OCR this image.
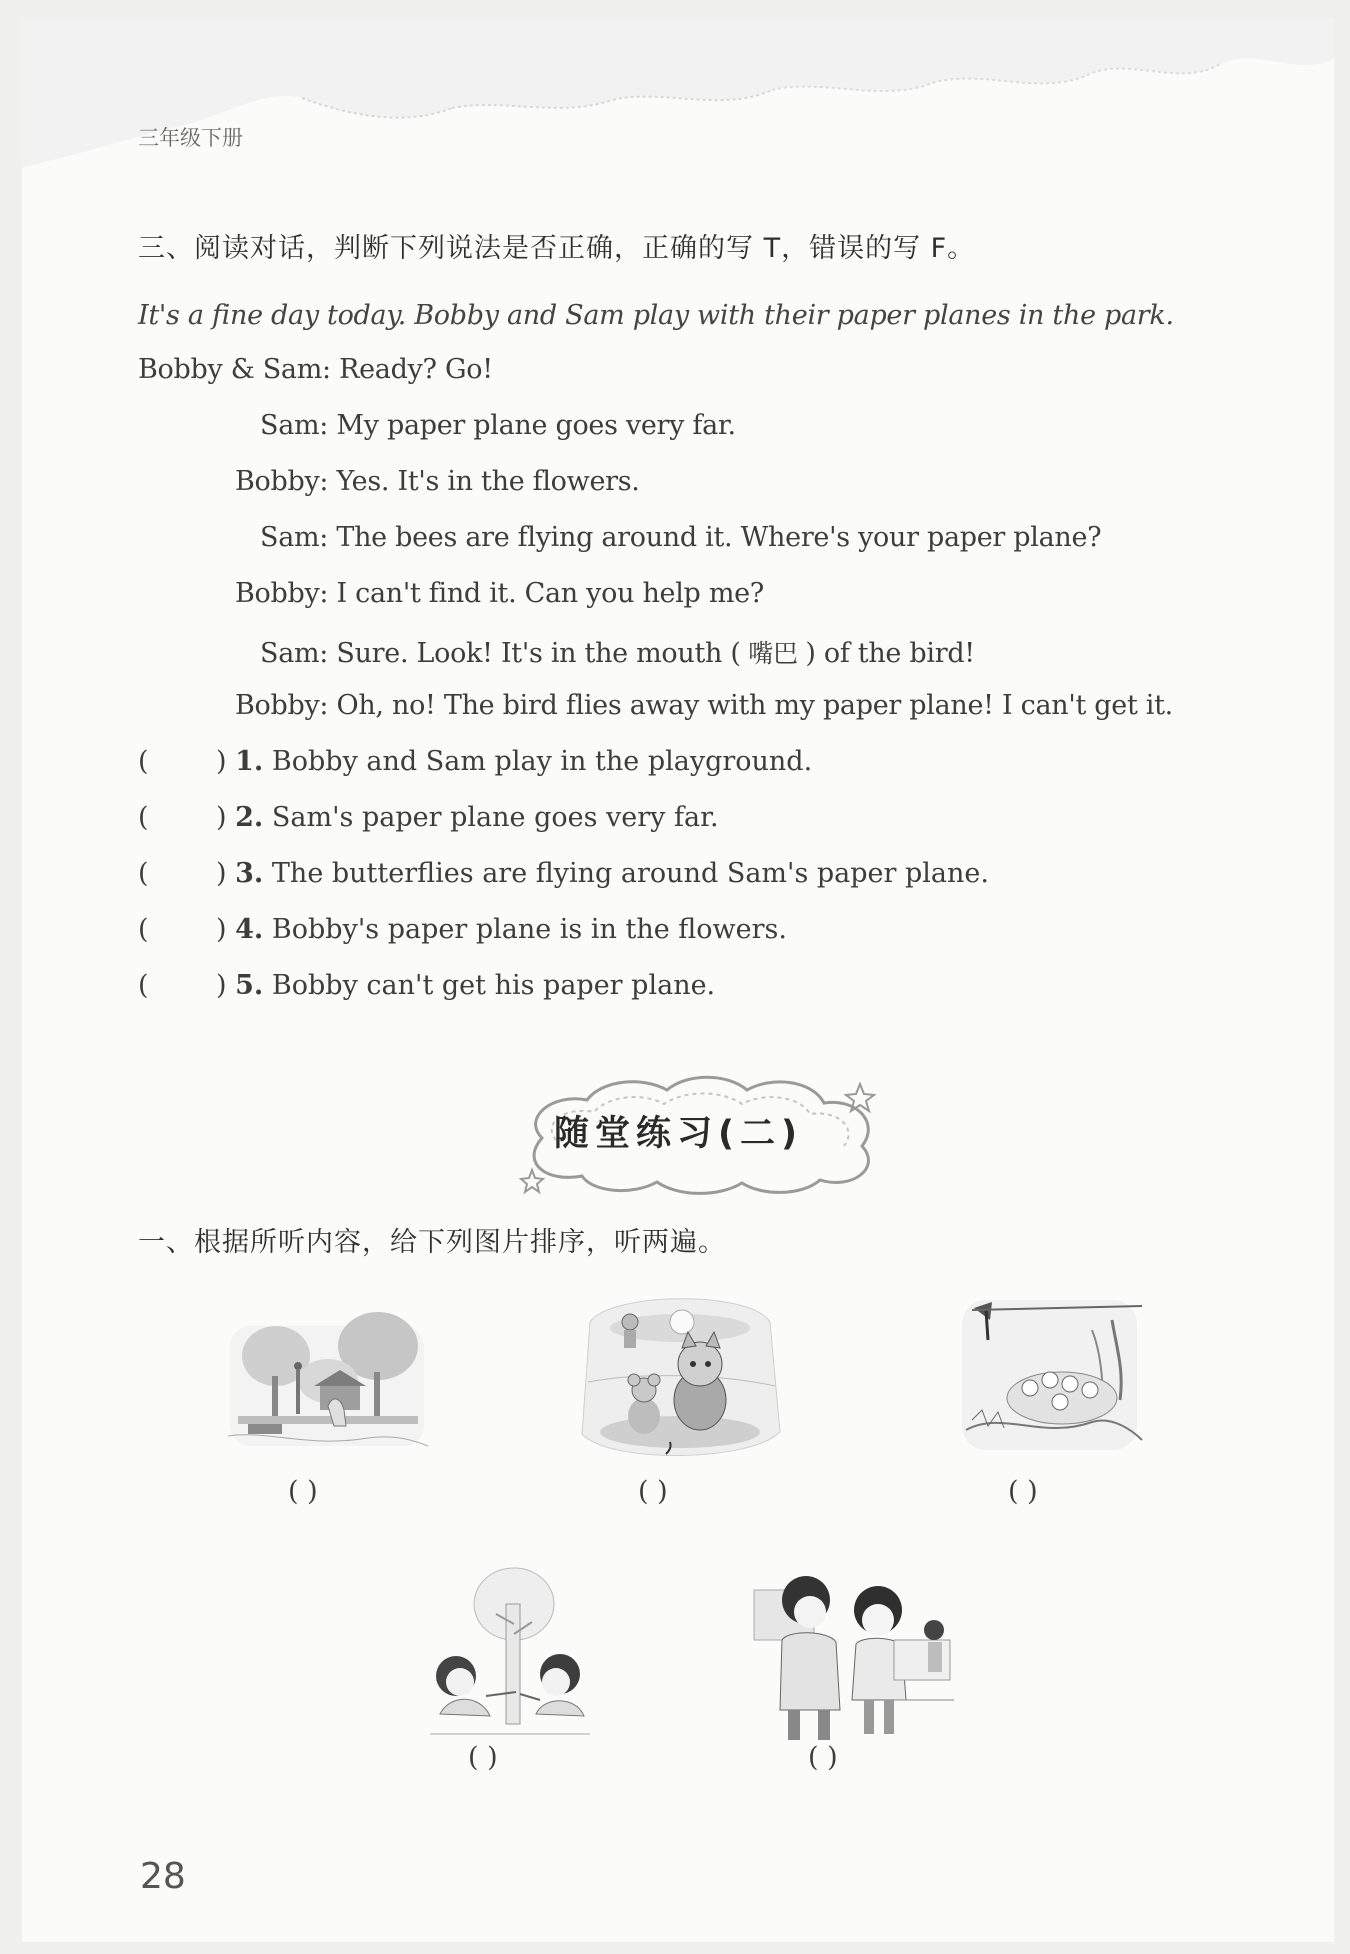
三年级下册
三、阅读对话，判断下列说法是否正确，正确的写 T，错误的写 F。
It's a fine day today. Bobby and Sam play with their paper planes in the park.
Bobby & Sam: Ready? Go!
Sam: My paper plane goes very far.
Bobby: Yes. It's in the flowers.
Sam: The bees are flying around it. Where's your paper plane?
Bobby: I can't find it. Can you help me?
Sam: Sure. Look! It's in the mouth ( 嘴巴 ) of the bird!
Bobby: Oh, no! The bird flies away with my paper plane! I can't get it.
( ) 1. Bobby and Sam play in the playground.
( ) 2. Sam's paper plane goes very far.
( ) 3. The butterflies are flying around Sam's paper plane.
( ) 4. Bobby's paper plane is in the flowers.
( ) 5. Bobby can't get his paper plane.
随堂练习(二)
一、根据所听内容，给下列图片排序，听两遍。
( )	( )	( )
( )	( )
28
